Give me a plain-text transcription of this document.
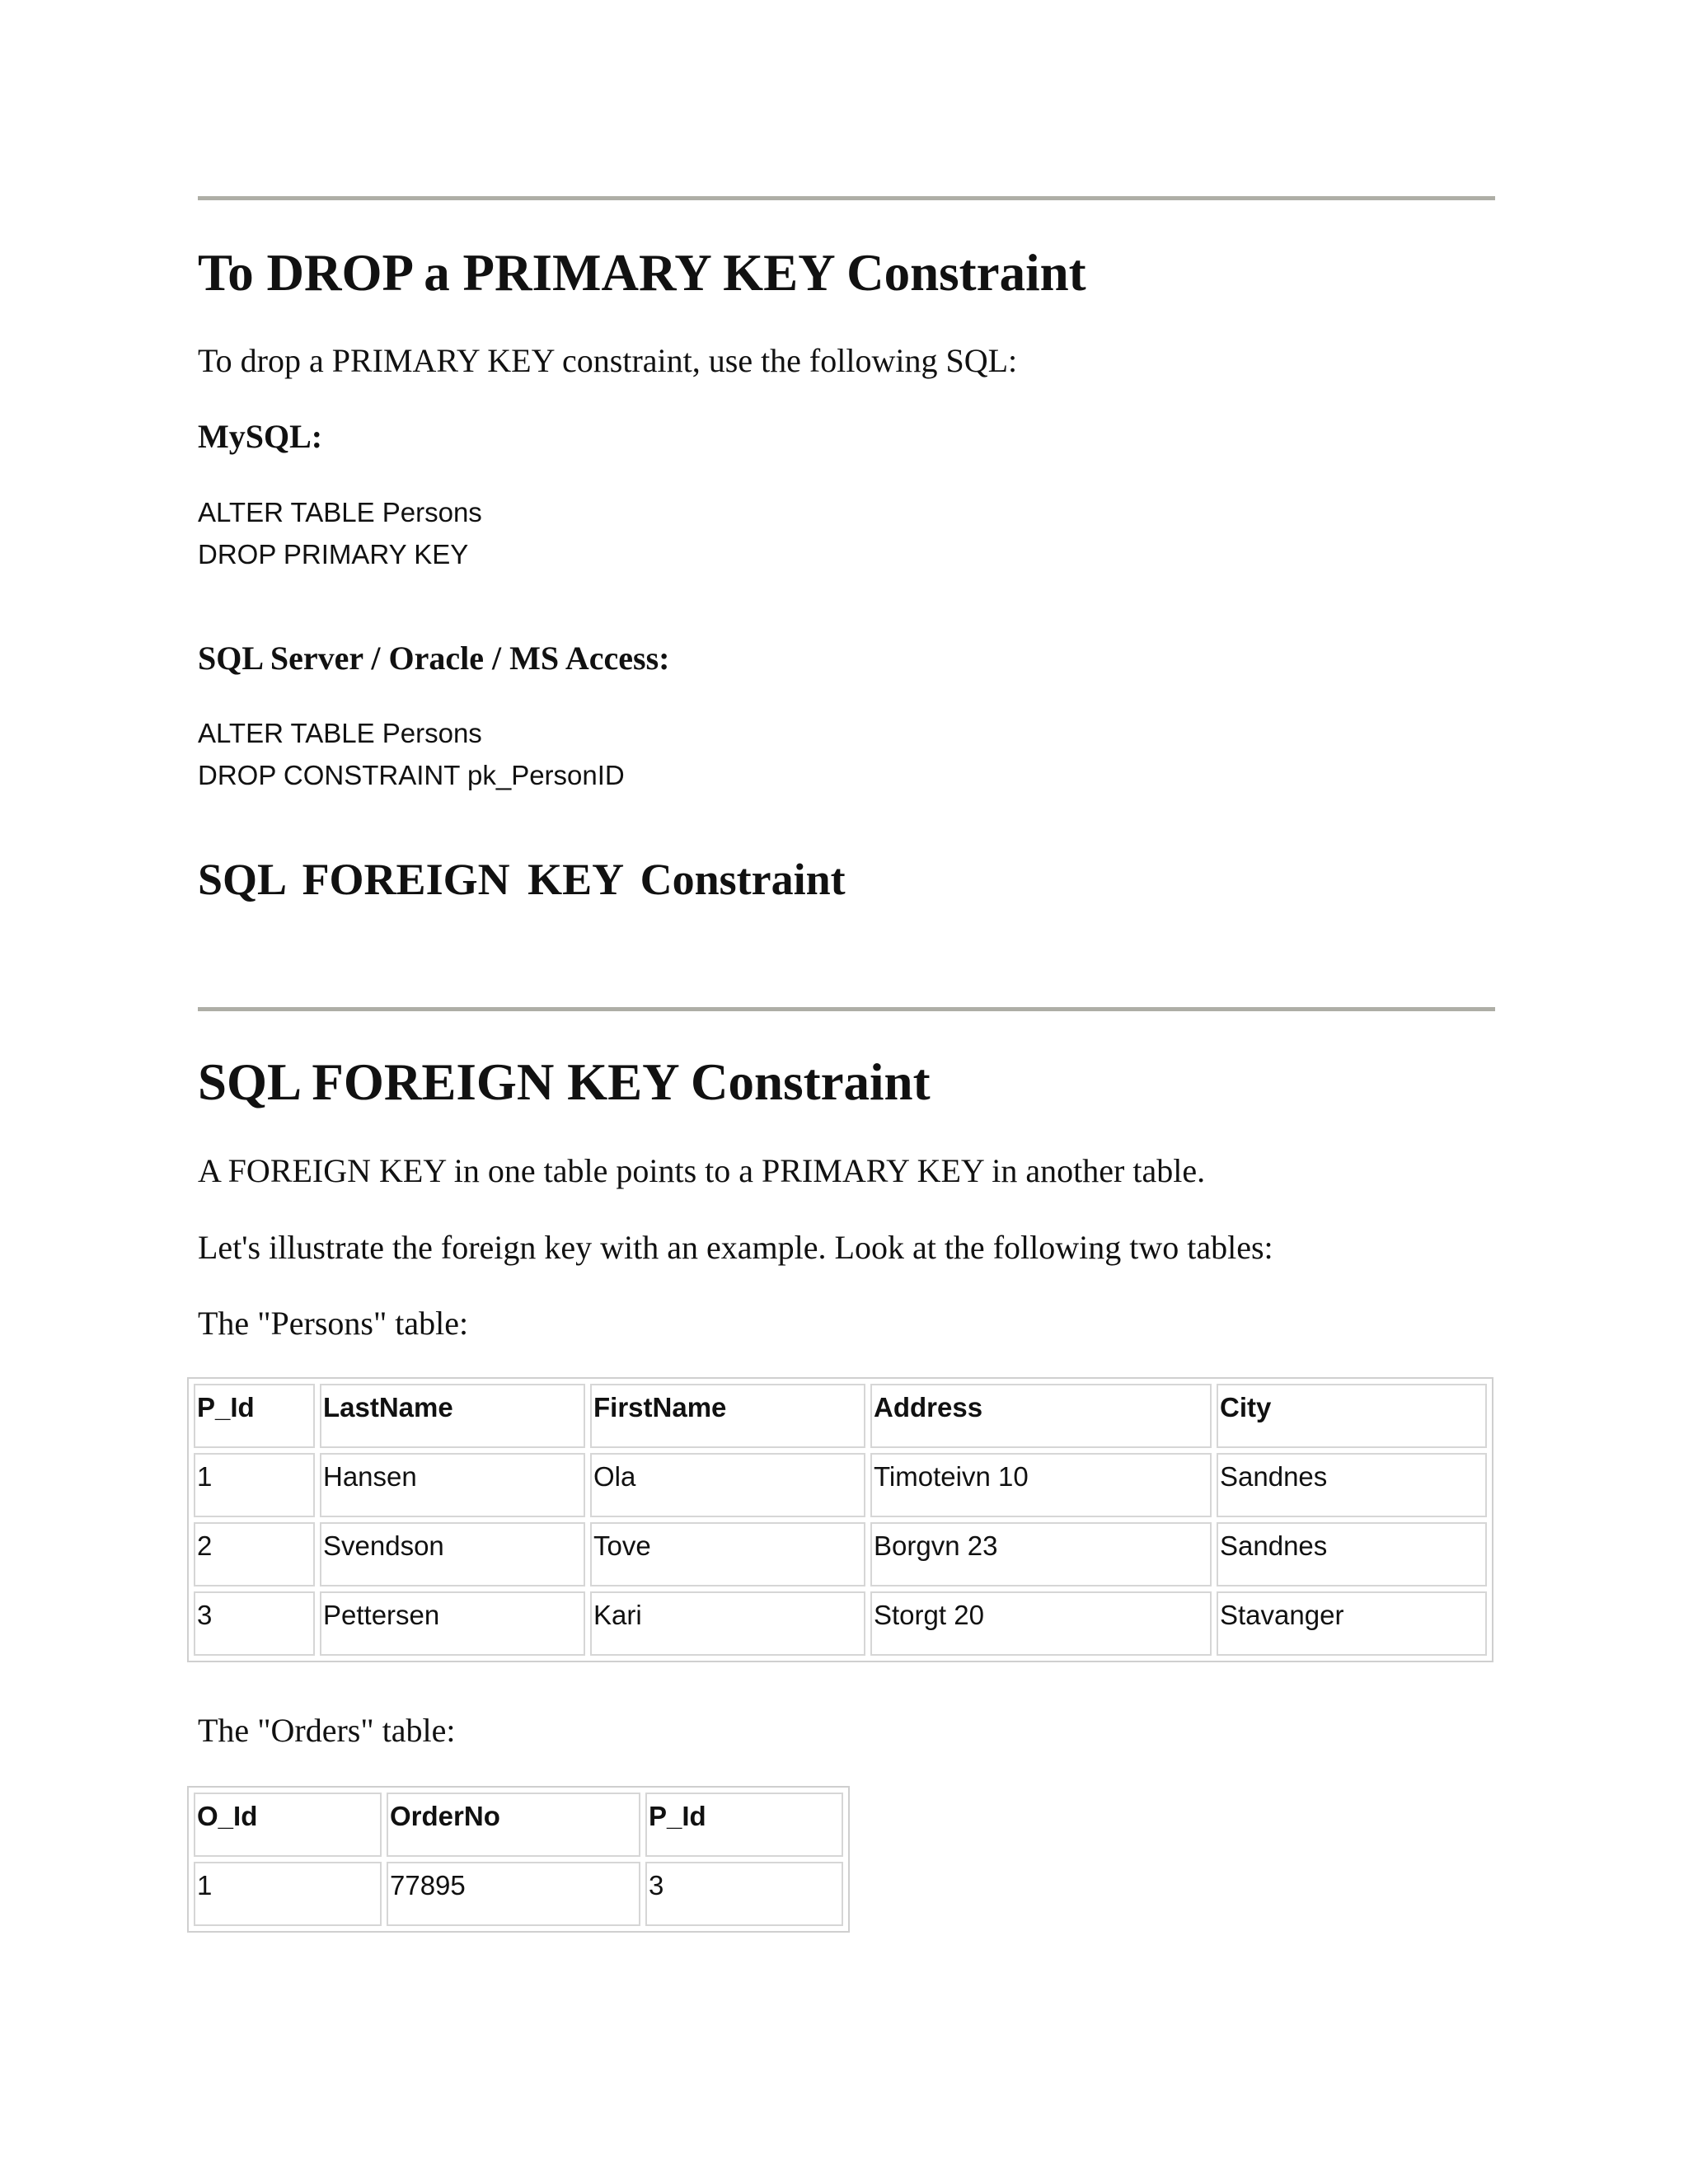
To DROP a PRIMARY KEY Constraint

To drop a PRIMARY KEY constraint, use the following SQL:

MySQL:

ALTER TABLE Persons
DROP PRIMARY KEY

SQL Server / Oracle / MS Access:

ALTER TABLE Persons
DROP CONSTRAINT pk_PersonID
SQL FOREIGN KEY Constraint
SQL FOREIGN KEY Constraint

A FOREIGN KEY in one table points to a PRIMARY KEY in another table.

Let's illustrate the foreign key with an example. Look at the following two tables:

The "Persons" table:

P_Id	LastName	FirstName	Address	City
1	Hansen	Ola	Timoteivn 10	Sandnes
2	Svendson	Tove	Borgvn 23	Sandnes
3	Pettersen	Kari	Storgt 20	Stavanger

The "Orders" table:

O_Id	OrderNo	P_Id
1	77895	3
